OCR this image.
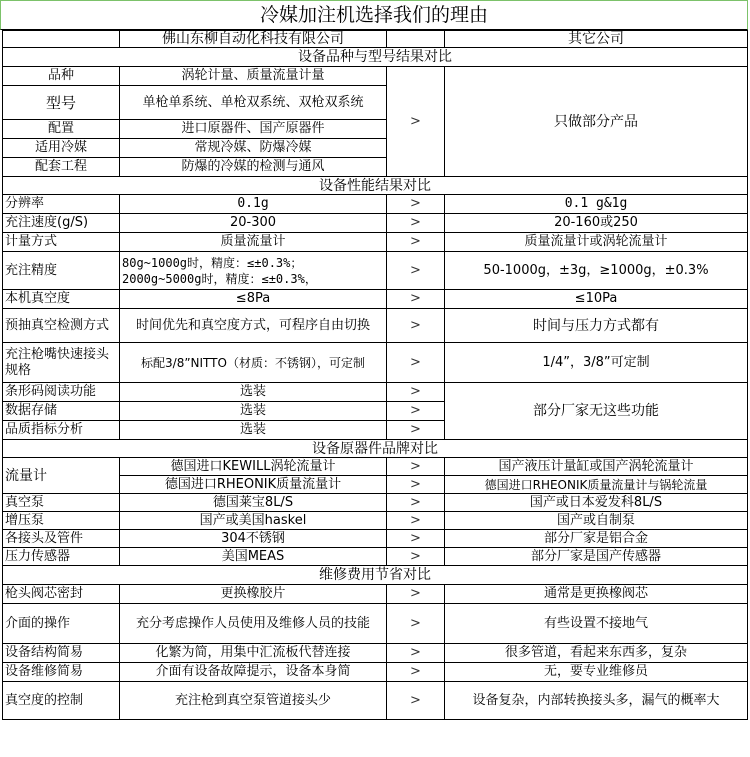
冷媒加注机选择我们的理由
	佛山东柳自动化科技有限公司		其它公司
设备品种与型号结果对比			
品种	涡轮计量、质量流量计量	>	只做部分产品
型号	单枪单系统、单枪双系统、双枪双系统		
配置	进口原器件、国产原器件		
适用冷媒	常规冷媒、防爆冷媒		
配套工程	防爆的冷媒的检测与通风		
设备性能结果对比			
分辨率	0.1g	>	0.1 g&1g
充注速度(g/S)	20-300	>	20-160或250
计量方式	质量流量计	>	质量流量计或涡轮流量计
充注精度	80g~1000g时，精度：≤±0.3%；
2000g~5000g时，精度：≤±0.3%，	>	50-1000g，±3g，≥1000g，±0.3%
本机真空度	≤8Pa	>	≤10Pa
预抽真空检测方式	时间优先和真空度方式，可程序自由切换	>	时间与压力方式都有
充注枪嘴快速接头规格	标配3/8”NITTO（材质：不锈钢），可定制	>	1/4”，3/8”可定制
条形码阅读功能	选装	>	部分厂家无这些功能
数据存储	选装	>	
品质指标分析	选装	>	
设备原器件品牌对比			
流量计	德国进口KEWILL涡轮流量计	>	国产液压计量缸或国产涡轮流量计
	德国进口RHEONIK质量流量计	>	德国进口RHEONIK质量流量计与锅轮流量
真空泵	德国莱宝8L/S	>	国产或日本爱发科8L/S
增压泵	国产或美国haskel	>	国产或自制泵
各接头及管件	304不锈钢	>	部分厂家是铝合金
压力传感器	美国MEAS	>	部分厂家是国产传感器
维修费用节省对比			
枪头阀芯密封	更换橡胶片	>	通常是更换橡阀芯
介面的操作	充分考虑操作人员使用及维修人员的技能	>	有些设置不接地气
设备结构简易	化繁为简，用集中汇流板代替连接	>	很多管道，看起来东西多，复杂
设备维修简易	介面有设备故障提示，设备本身简	>	无，要专业维修员
真空度的控制	充注枪到真空泵管道接头少	>	设备复杂，内部转换接头多，漏气的概率大
